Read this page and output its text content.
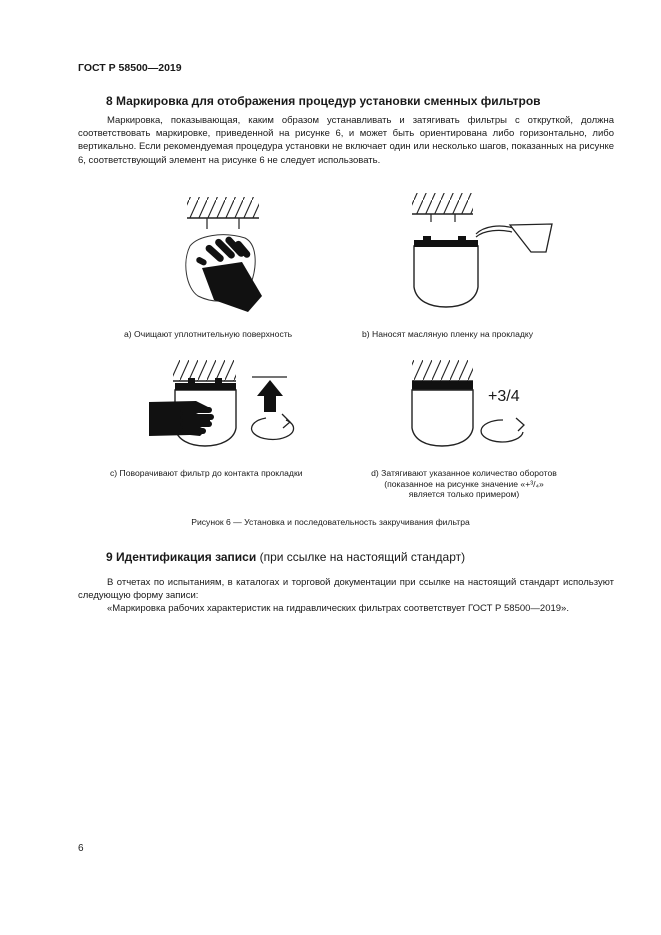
ГОСТ Р 58500—2019
8 Маркировка для отображения процедур установки сменных фильтров

Маркировка, показывающая, каким образом устанавливать и затягивать фильтры с откруткой, должна соответствовать маркировке, приведенной на рисунке 6, и может быть ориентирована либо горизонтально, либо вертикально. Если рекомендуемая процедура установки не включает один или несколько шагов, показанных на рисунке 6, соответствующий элемент на рисунке 6 не следует использовать.

+3/4
а) Очищают уплотнительную поверхность	b) Наносят масляную пленку на прокладку
с) Поворачивают фильтр до контакта прокладки	d) Затягивают указанное количество оборотов
(показанное на рисунке значение «+³/₄»
является только примером)
Рисунок 6 — Установка и последовательность закручивания фильтра
9 Идентификация записи (при ссылке на настоящий стандарт)

В отчетах по испытаниям, в каталогах и торговой документации при ссылке на настоящий стандарт используют следующую форму записи:

«Маркировка рабочих характеристик на гидравлических фильтрах соответствует ГОСТ Р 58500—2019».

6
